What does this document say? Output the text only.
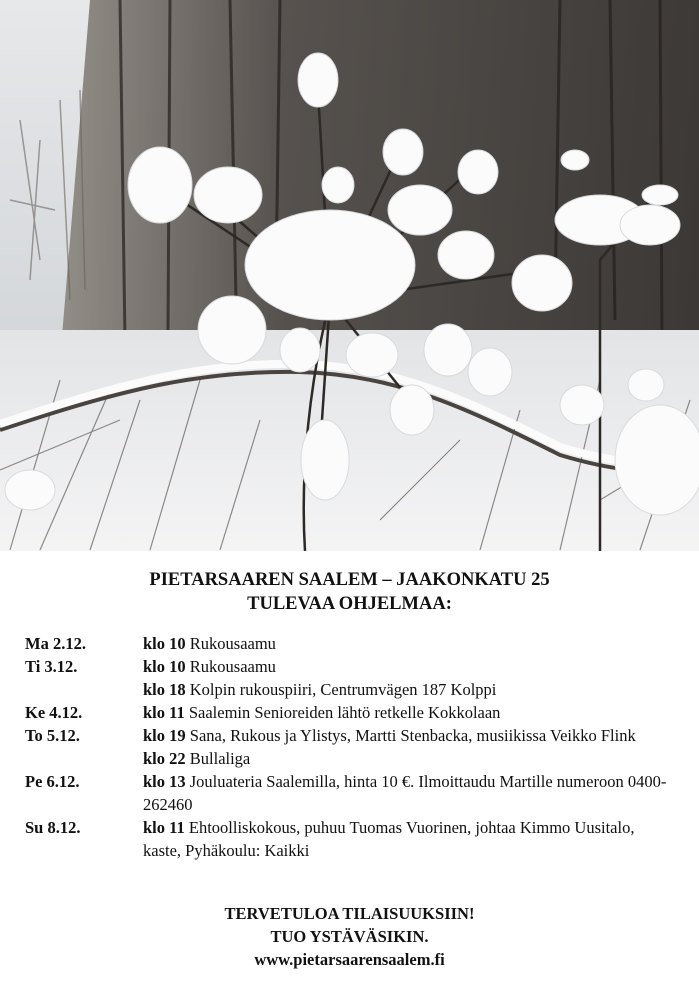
PIETARSAAREN SAALEM – JAAKONKATU 25
TULEVAA OHJELMAA:
Ma 2.12.	klo 10 Rukousaamu
Ti 3.12.	klo 10 Rukousaamu
klo 18 Kolpin rukouspiiri, Centrumvägen 187 Kolppi
Ke 4.12.	klo 11 Saalemin Senioreiden lähtö retkelle Kokkolaan
To 5.12.	klo 19 Sana, Rukous ja Ylistys, Martti Stenbacka, musiikissa Veikko Flink
klo 22 Bullaliga
Pe 6.12.	klo 13 Jouluateria Saalemilla, hinta 10 €. Ilmoittaudu Martille numeroon 0400-262460
Su 8.12.	klo 11 Ehtoolliskokous, puhuu Tuomas Vuorinen, johtaa Kimmo Uusitalo, kaste, Pyhäkoulu: Kaikki
TERVETULOA TILAISUUKSIIN!
TUO YSTÄVÄSIKIN.
www.pietarsaarensaalem.fi
